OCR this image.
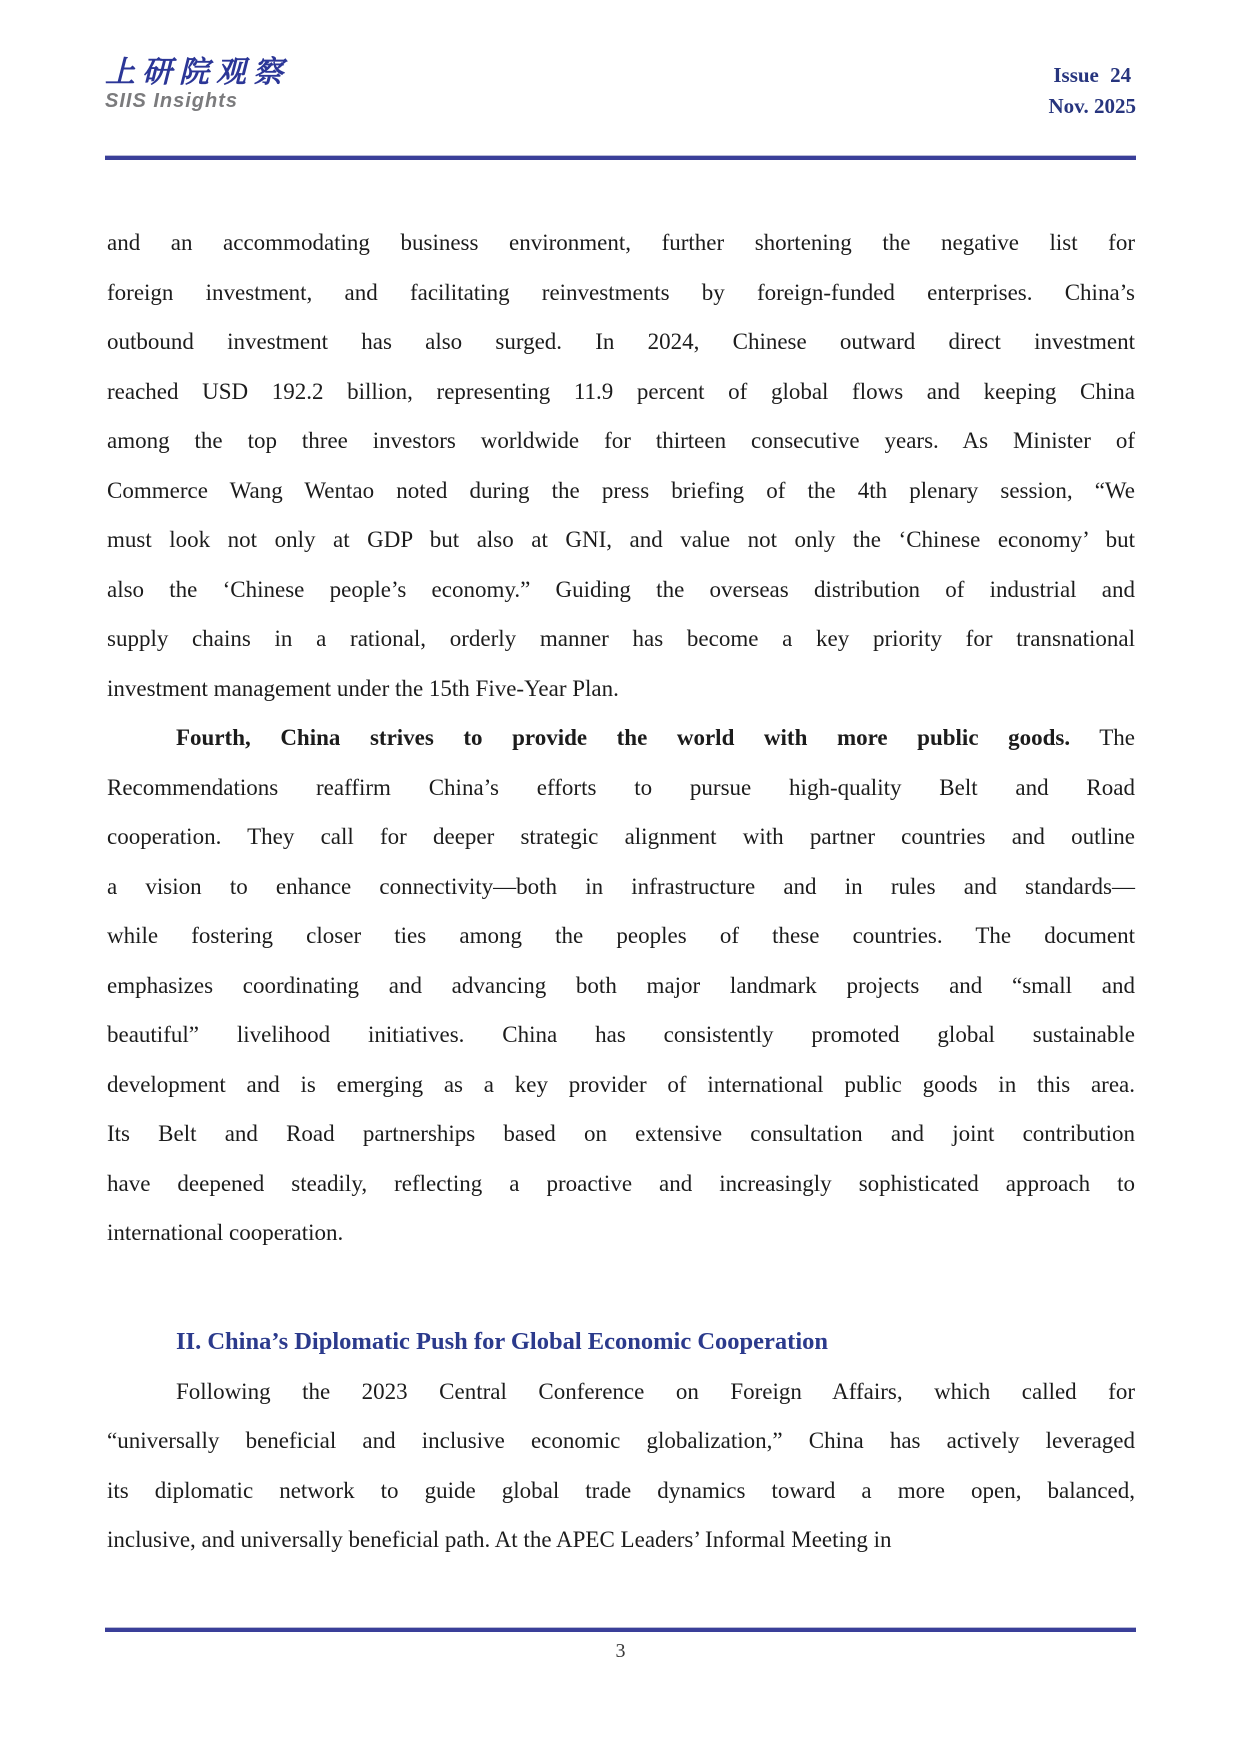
上研院观察
SIIS Insights
Issue 24
Nov. 2025
and an accommodating business environment, further shortening the negative list for
foreign investment, and facilitating reinvestments by foreign-funded enterprises. China’s
outbound investment has also surged. In 2024, Chinese outward direct investment
reached USD 192.2 billion, representing 11.9 percent of global flows and keeping China
among the top three investors worldwide for thirteen consecutive years. As Minister of
Commerce Wang Wentao noted during the press briefing of the 4th plenary session, “We
must look not only at GDP but also at GNI, and value not only the ‘Chinese economy’ but
also the ‘Chinese people’s economy.” Guiding the overseas distribution of industrial and
supply chains in a rational, orderly manner has become a key priority for transnational
investment management under the 15th Five-Year Plan.
Fourth, China strives to provide the world with more public goods. The
Recommendations reaffirm China’s efforts to pursue high-quality Belt and Road
cooperation. They call for deeper strategic alignment with partner countries and outline
a vision to enhance connectivity—both in infrastructure and in rules and standards—
while fostering closer ties among the peoples of these countries. The document
emphasizes coordinating and advancing both major landmark projects and “small and
beautiful” livelihood initiatives. China has consistently promoted global sustainable
development and is emerging as a key provider of international public goods in this area.
Its Belt and Road partnerships based on extensive consultation and joint contribution
have deepened steadily, reflecting a proactive and increasingly sophisticated approach to
international cooperation.
II. China’s Diplomatic Push for Global Economic Cooperation
Following the 2023 Central Conference on Foreign Affairs, which called for
“universally beneficial and inclusive economic globalization,” China has actively leveraged
its diplomatic network to guide global trade dynamics toward a more open, balanced,
inclusive, and universally beneficial path. At the APEC Leaders’ Informal Meeting in
3
